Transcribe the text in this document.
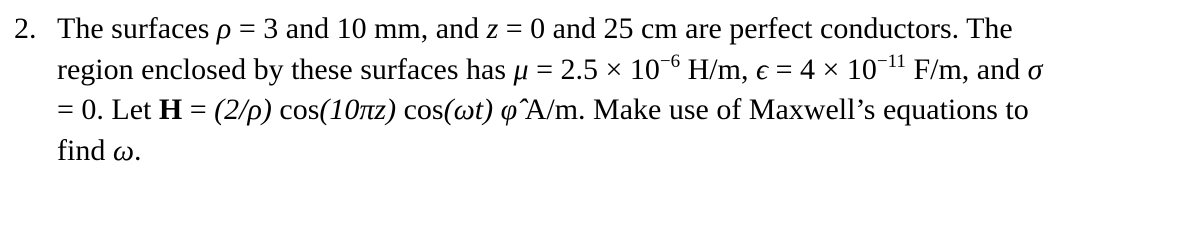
2. The surfaces ρ = 3 and 10 mm, and z = 0 and 25 cm are perfect conductors. The
region enclosed by these surfaces has $\mu = 2.5 \times 10^{-6}$ H/m, $\epsilon = 4 \times 10^{-11}$ F/m, and σ
= 0. Let H = (2/ρ) cos(10πz) cos(ωt) φ̂ A/m. Make use of Maxwell’s equations to
find ω.
